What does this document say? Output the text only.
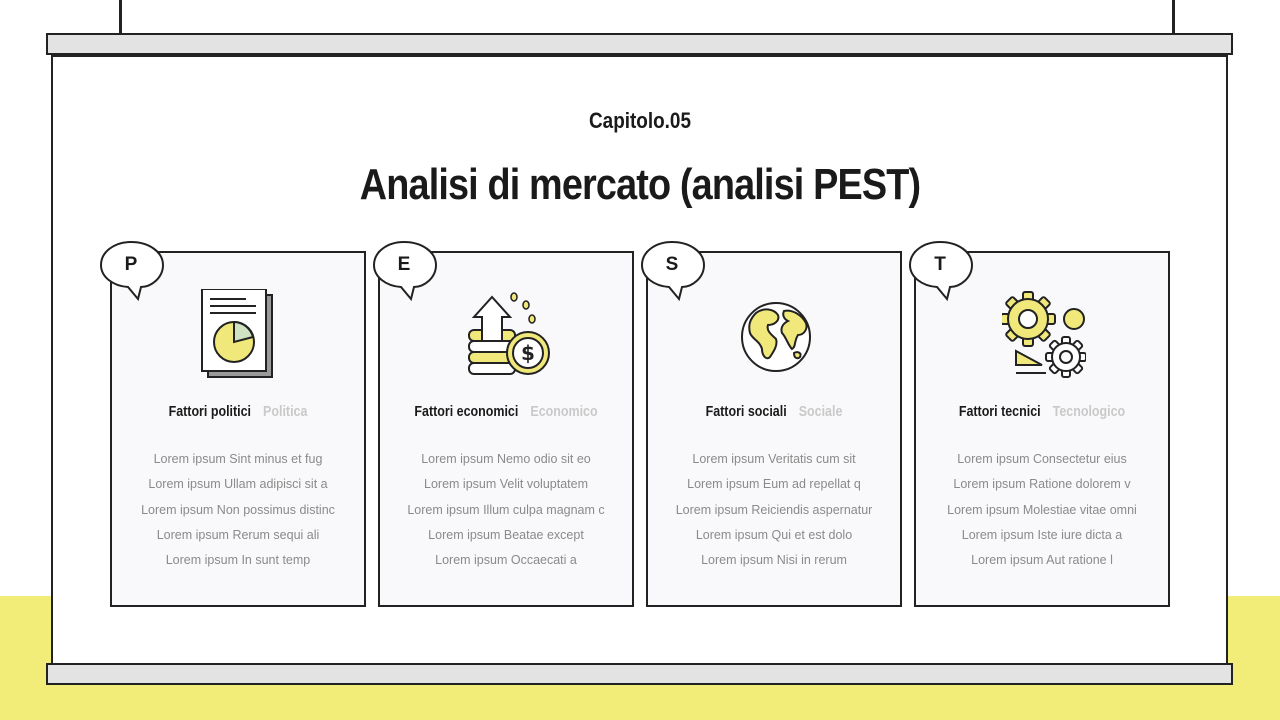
Capitolo.05
Analisi di mercato (analisi PEST)
Fattori politici Politica
Lorem ipsum Sint minus et fug
Lorem ipsum Ullam adipisci sit a
Lorem ipsum Non possimus distinc
Lorem ipsum Rerum sequi ali
Lorem ipsum In sunt temp
P
$
Fattori economici Economico
Lorem ipsum Nemo odio sit eo
Lorem ipsum Velit voluptatem
Lorem ipsum Illum culpa magnam c
Lorem ipsum Beatae except
Lorem ipsum Occaecati a
E
Fattori sociali Sociale
Lorem ipsum Veritatis cum sit
Lorem ipsum Eum ad repellat q
Lorem ipsum Reiciendis aspernatur
Lorem ipsum Qui et est dolo
Lorem ipsum Nisi in rerum
S
Fattori tecnici Tecnologico
Lorem ipsum Consectetur eius
Lorem ipsum Ratione dolorem v
Lorem ipsum Molestiae vitae omni
Lorem ipsum Iste iure dicta a
Lorem ipsum Aut ratione l
T
